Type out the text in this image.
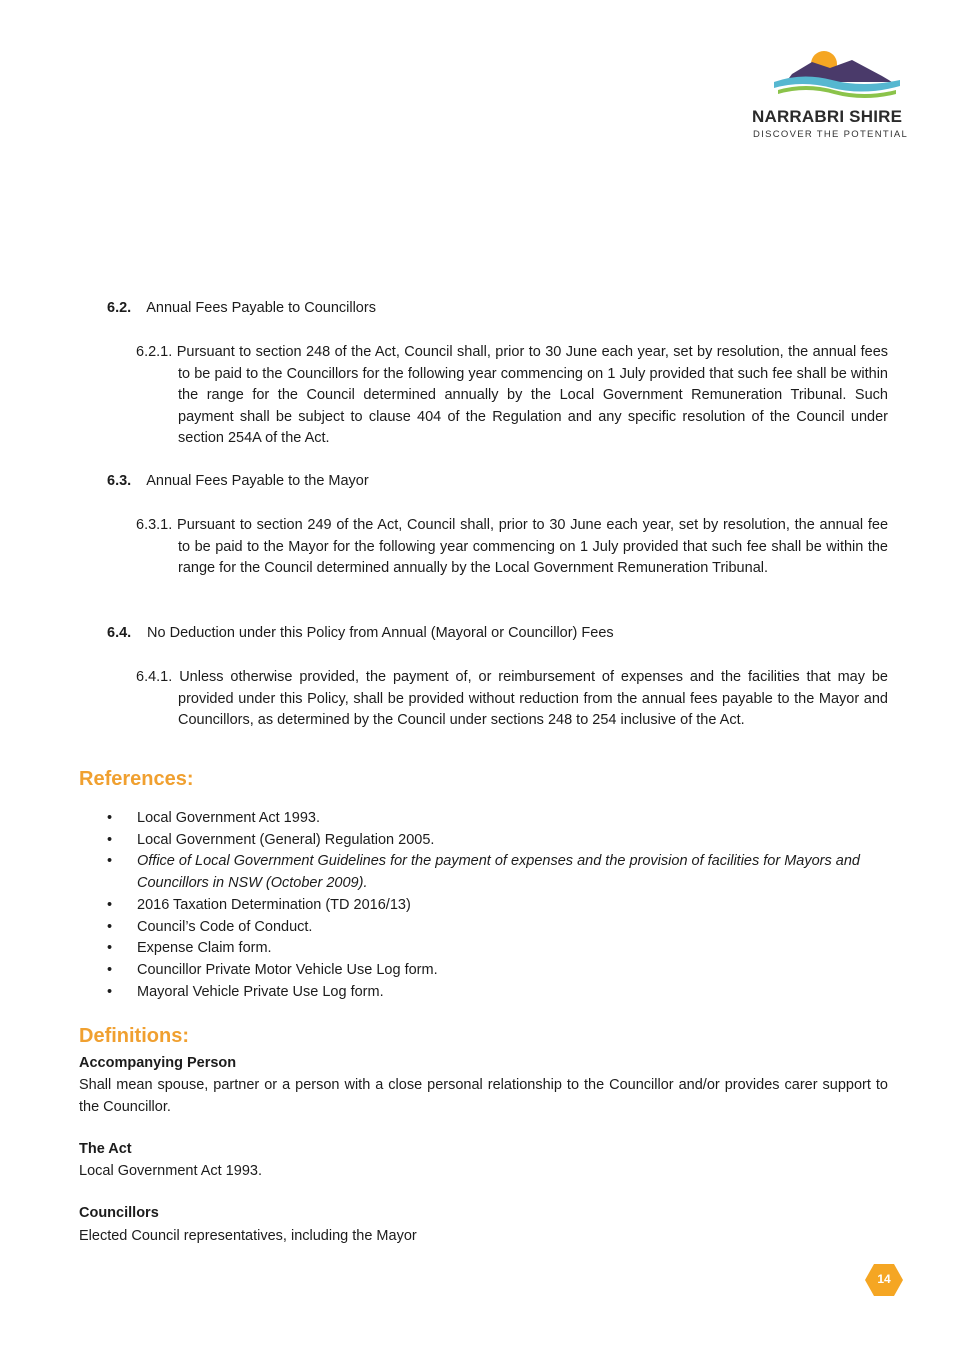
NARRABRI SHIRE
DISCOVER THE POTENTIAL
6.2. Annual Fees Payable to Councillors
6.2.1. Pursuant to section 248 of the Act, Council shall, prior to 30 June each year, set by resolution, the annual fees to be paid to the Councillors for the following year commencing on 1 July provided that such fee shall be within the range for the Council determined annually by the Local Government Remuneration Tribunal. Such payment shall be subject to clause 404 of the Regulation and any specific resolution of the Council under section 254A of the Act.
6.3. Annual Fees Payable to the Mayor
6.3.1. Pursuant to section 249 of the Act, Council shall, prior to 30 June each year, set by resolution, the annual fee to be paid to the Mayor for the following year commencing on 1 July provided that such fee shall be within the range for the Council determined annually by the Local Government Remuneration Tribunal.
6.4. No Deduction under this Policy from Annual (Mayoral or Councillor) Fees
6.4.1. Unless otherwise provided, the payment of, or reimbursement of expenses and the facilities that may be provided under this Policy, shall be provided without reduction from the annual fees payable to the Mayor and Councillors, as determined by the Council under sections 248 to 254 inclusive of the Act.
References:
• Local Government Act 1993.
• Local Government (General) Regulation 2005.
• Office of Local Government Guidelines for the payment of expenses and the provision of facilities for Mayors and Councillors in NSW (October 2009).
• 2016 Taxation Determination (TD 2016/13)
• Council’s Code of Conduct.
• Expense Claim form.
• Councillor Private Motor Vehicle Use Log form.
• Mayoral Vehicle Private Use Log form.
Definitions:
Accompanying Person
Shall mean spouse, partner or a person with a close personal relationship to the Councillor and/or provides carer support to the Councillor.
The Act
Local Government Act 1993.
Councillors
Elected Council representatives, including the Mayor
14
